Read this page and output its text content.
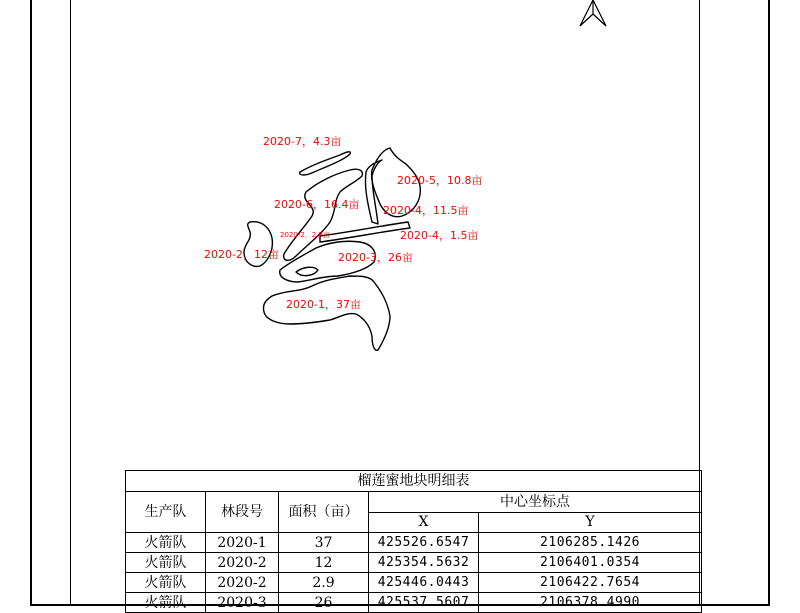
2020-7，4.3亩
2020-5，10.8亩
2020-6，16.4亩 2020-4，11.5亩
2020-2，2.9亩	2020-4，1.5亩
2020-2，12亩	2020-3，26亩
2020-1，37亩
榴莲蜜地块明细表				
生产队	林段号	面积（亩）	中心坐标点	
			X	Y
火箭队	2020-1	37	425526.6547	2106285.1426
火箭队	2020-2	12	425354.5632	2106401.0354
火箭队	2020-2	2.9	425446.0443	2106422.7654
火箭队	2020-3	26	425537.5607	2106378.4990
